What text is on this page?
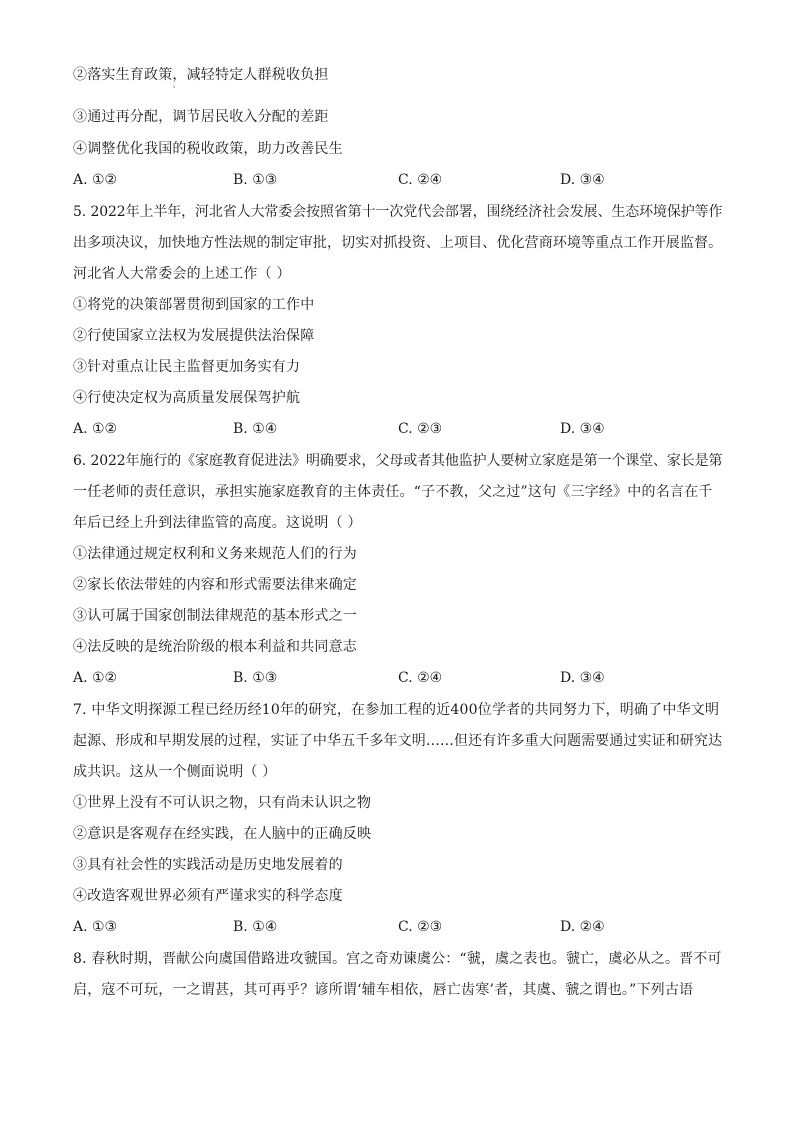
②落实生育政策，减轻特定人群税收负担
˒
③通过再分配，调节居民收入分配的差距
④调整优化我国的税收政策，助力改善民生
A. ①②	B. ①③	C. ②④	D. ③④
5. 2022年上半年，河北省人大常委会按照省第十一次党代会部署，围绕经济社会发展、生态环境保护等作
出多项决议，加快地方性法规的制定审批，切实对抓投资、上项目、优化营商环境等重点工作开展监督。
河北省人大常委会的上述工作（ ）
①将党的决策部署贯彻到国家的工作中
②行使国家立法权为发展提供法治保障
③针对重点让民主监督更加务实有力
④行使决定权为高质量发展保驾护航
A. ①②	B. ①④	C. ②③	D. ③④
6. 2022年施行的《家庭教育促进法》明确要求，父母或者其他监护人要树立家庭是第一个课堂、家长是第
一任老师的责任意识，承担实施家庭教育的主体责任。“子不教，父之过”这句《三字经》中的名言在千
年后已经上升到法律监管的高度。这说明（ ）
①法律通过规定权利和义务来规范人们的行为
②家长依法带娃的内容和形式需要法律来确定
③认可属于国家创制法律规范的基本形式之一
④法反映的是统治阶级的根本利益和共同意志
A. ①②	B. ①③	C. ②④	D. ③④
7. 中华文明探源工程已经历经10年的研究，在参加工程的近400位学者的共同努力下，明确了中华文明
起源、形成和早期发展的过程，实证了中华五千多年文明……但还有许多重大问题需要通过实证和研究达
成共识。这从一个侧面说明（ ）
①世界上没有不可认识之物，只有尚未认识之物
②意识是客观存在经实践，在人脑中的正确反映
③具有社会性的实践活动是历史地发展着的
④改造客观世界必须有严谨求实的科学态度
A. ①③	B. ①④	C. ②③	D. ②④
8. 春秋时期，晋献公向虞国借路进攻虢国。宫之奇劝谏虞公：“虢，虞之表也。虢亡，虞必从之。晋不可
启，寇不可玩，一之谓甚，其可再乎？谚所谓‘辅车相依，唇亡齿寒’者，其虞、虢之谓也。”下列古语
